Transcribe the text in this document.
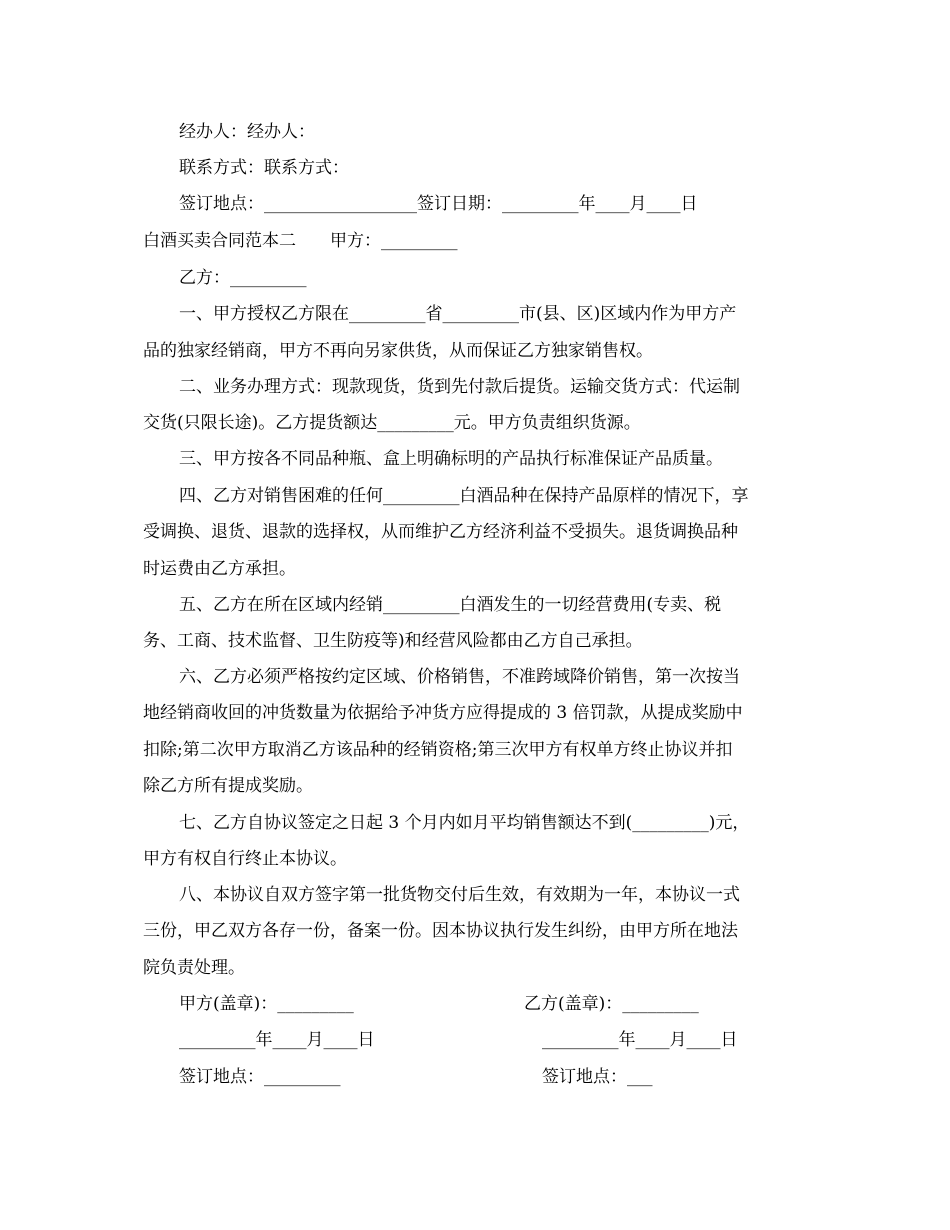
经办人：经办人：
联系方式：联系方式：
签订地点：__________________签订日期：_________年____月____日
白酒买卖合同范本二　　甲方：_________
乙方：_________
一、甲方授权乙方限在_________省_________市(县、区)区域内作为甲方产
品的独家经销商，甲方不再向另家供货，从而保证乙方独家销售权。
二、业务办理方式：现款现货，货到先付款后提货。运输交货方式：代运制
交货(只限长途)。乙方提货额达_________元。甲方负责组织货源。
三、甲方按各不同品种瓶、盒上明确标明的产品执行标准保证产品质量。
四、乙方对销售困难的任何_________白酒品种在保持产品原样的情况下，享
受调换、退货、退款的选择权，从而维护乙方经济利益不受损失。退货调换品种
时运费由乙方承担。
五、乙方在所在区域内经销_________白酒发生的一切经营费用(专卖、税
务、工商、技术监督、卫生防疫等)和经营风险都由乙方自己承担。
六、乙方必须严格按约定区域、价格销售，不准跨域降价销售，第一次按当
地经销商收回的冲货数量为依据给予冲货方应得提成的 3 倍罚款，从提成奖励中
扣除;第二次甲方取消乙方该品种的经销资格;第三次甲方有权单方终止协议并扣
除乙方所有提成奖励。
七、乙方自协议签定之日起 3 个月内如月平均销售额达不到(_________)元，
甲方有权自行终止本协议。
八、本协议自双方签字第一批货物交付后生效，有效期为一年，本协议一式
三份，甲乙双方各存一份，备案一份。因本协议执行发生纠纷，由甲方所在地法
院负责处理。
甲方(盖章)：_________	乙方(盖章)：_________
_________年____月____日	_________年____月____日
签订地点：_________	签订地点：___
